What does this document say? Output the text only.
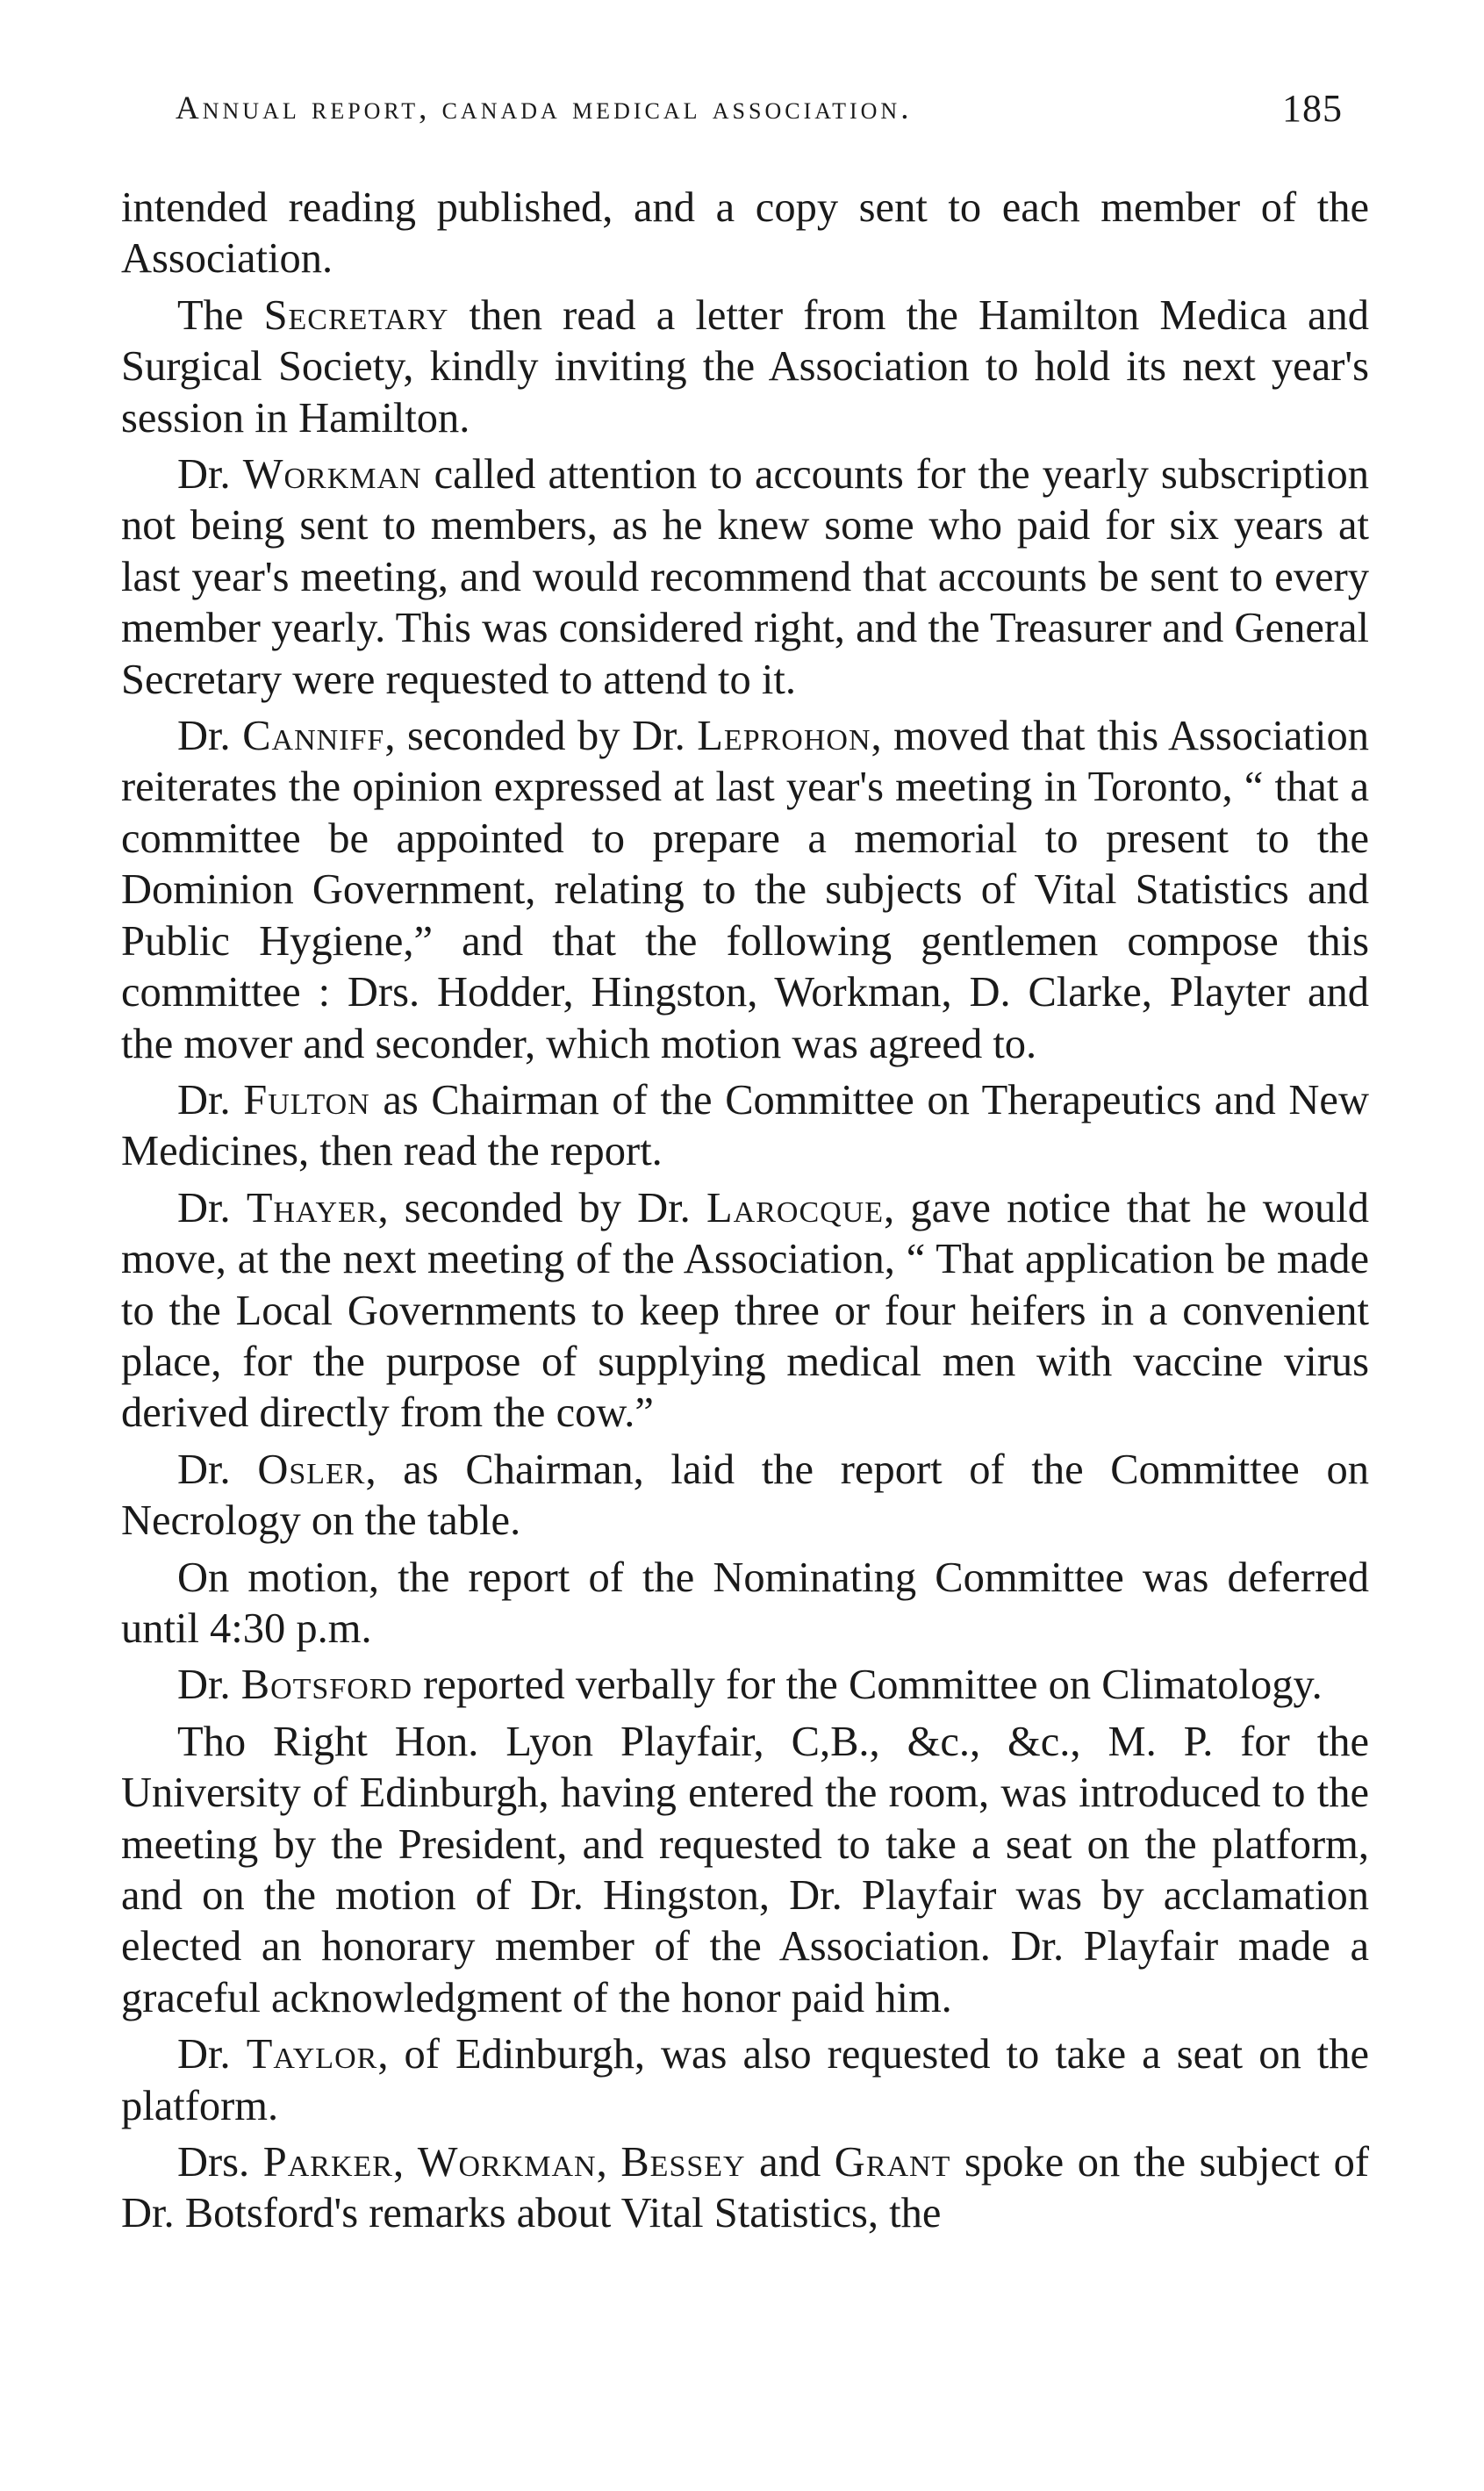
Annual report, canada medical association.	185

intended reading published, and a copy sent to each member of the Association.

The Secretary then read a letter from the Hamilton Medica and Surgical Society, kindly inviting the Association to hold its next year's session in Hamilton.

Dr. Workman called attention to accounts for the yearly subscription not being sent to members, as he knew some who paid for six years at last year's meeting, and would recommend that accounts be sent to every member yearly. This was considered right, and the Treasurer and General Secretary were requested to attend to it.

Dr. Canniff, seconded by Dr. Leprohon, moved that this Association reiterates the opinion expressed at last year's meeting in Toronto, “ that a committee be appointed to prepare a memorial to present to the Dominion Government, relating to the subjects of Vital Statistics and Public Hygiene,” and that the following gentlemen compose this committee : Drs. Hodder, Hingston, Workman, D. Clarke, Playter and the mover and seconder, which motion was agreed to.

Dr. Fulton as Chairman of the Committee on Therapeutics and New Medicines, then read the report.

Dr. Thayer, seconded by Dr. Larocque, gave notice that he would move, at the next meeting of the Association, “ That application be made to the Local Governments to keep three or four heifers in a convenient place, for the purpose of supplying medical men with vaccine virus derived directly from the cow.”

Dr. Osler, as Chairman, laid the report of the Committee on Necrology on the table.

On motion, the report of the Nominating Committee was deferred until 4:30 p.m.

Dr. Botsford reported verbally for the Committee on Climatology.

Tho Right Hon. Lyon Playfair, C,B., &c., &c., M. P. for the University of Edinburgh, having entered the room, was introduced to the meeting by the President, and requested to take a seat on the platform, and on the motion of Dr. Hingston, Dr. Playfair was by acclamation elected an honorary member of the Association. Dr. Playfair made a graceful acknowledgment of the honor paid him.

Dr. Taylor, of Edinburgh, was also requested to take a seat on the platform.

Drs. Parker, Workman, Bessey and Grant spoke on the subject of Dr. Botsford's remarks about Vital Statistics, the
